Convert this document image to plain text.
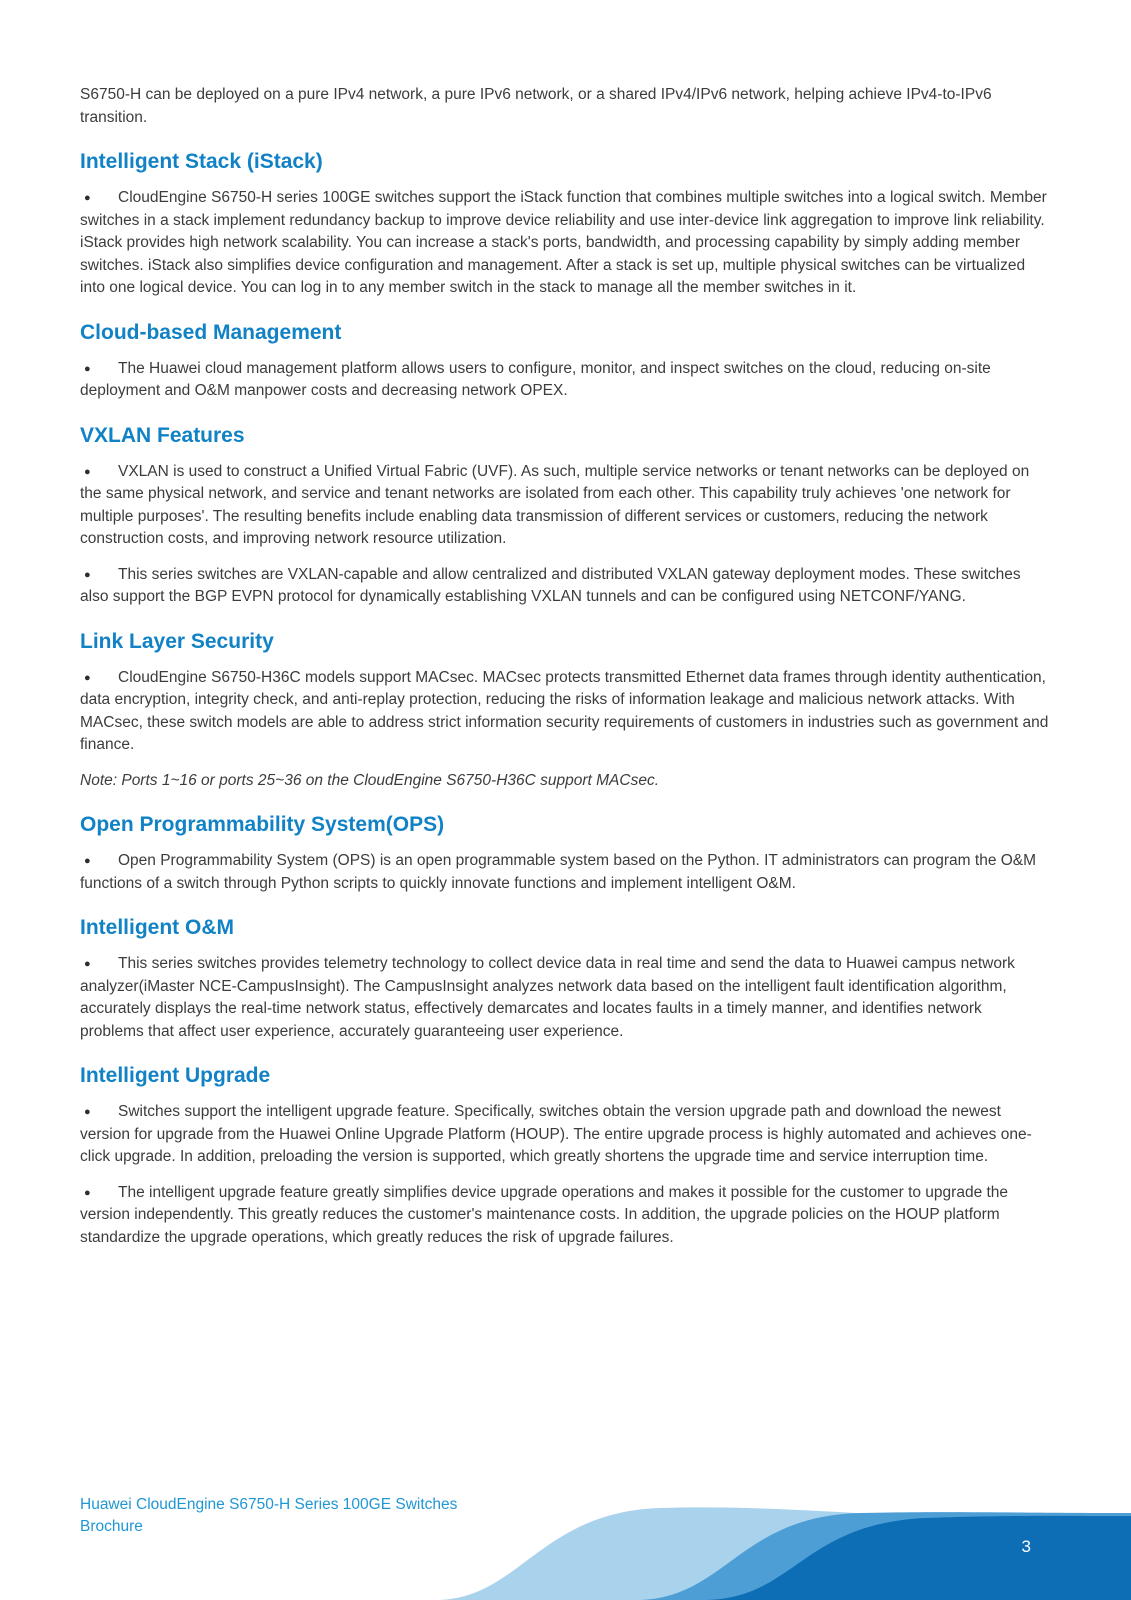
S6750-H can be deployed on a pure IPv4 network, a pure IPv6 network, or a shared IPv4/IPv6 network, helping achieve IPv4-to-IPv6 transition.

Intelligent Stack (iStack)

● CloudEngine S6750-H series 100GE switches support the iStack function that combines multiple switches into a logical switch. Member switches in a stack implement redundancy backup to improve device reliability and use inter-device link aggregation to improve link reliability. iStack provides high network scalability. You can increase a stack's ports, bandwidth, and processing capability by simply adding member switches. iStack also simplifies device configuration and management. After a stack is set up, multiple physical switches can be virtualized into one logical device. You can log in to any member switch in the stack to manage all the member switches in it.

Cloud-based Management

● The Huawei cloud management platform allows users to configure, monitor, and inspect switches on the cloud, reducing on-site deployment and O&M manpower costs and decreasing network OPEX.

VXLAN Features

● VXLAN is used to construct a Unified Virtual Fabric (UVF). As such, multiple service networks or tenant networks can be deployed on the same physical network, and service and tenant networks are isolated from each other. This capability truly achieves 'one network for multiple purposes'. The resulting benefits include enabling data transmission of different services or customers, reducing the network construction costs, and improving network resource utilization.

● This series switches are VXLAN-capable and allow centralized and distributed VXLAN gateway deployment modes. These switches also support the BGP EVPN protocol for dynamically establishing VXLAN tunnels and can be configured using NETCONF/YANG.

Link Layer Security

● CloudEngine S6750-H36C models support MACsec. MACsec protects transmitted Ethernet data frames through identity authentication, data encryption, integrity check, and anti-replay protection, reducing the risks of information leakage and malicious network attacks. With MACsec, these switch models are able to address strict information security requirements of customers in industries such as government and finance.

Note: Ports 1~16 or ports 25~36 on the CloudEngine S6750-H36C support MACsec.

Open Programmability System(OPS)

● Open Programmability System (OPS) is an open programmable system based on the Python. IT administrators can program the O&M functions of a switch through Python scripts to quickly innovate functions and implement intelligent O&M.

Intelligent O&M

● This series switches provides telemetry technology to collect device data in real time and send the data to Huawei campus network analyzer(iMaster NCE-CampusInsight). The CampusInsight analyzes network data based on the intelligent fault identification algorithm, accurately displays the real-time network status, effectively demarcates and locates faults in a timely manner, and identifies network problems that affect user experience, accurately guaranteeing user experience.

Intelligent Upgrade

● Switches support the intelligent upgrade feature. Specifically, switches obtain the version upgrade path and download the newest version for upgrade from the Huawei Online Upgrade Platform (HOUP). The entire upgrade process is highly automated and achieves one-click upgrade. In addition, preloading the version is supported, which greatly shortens the upgrade time and service interruption time.

● The intelligent upgrade feature greatly simplifies device upgrade operations and makes it possible for the customer to upgrade the version independently. This greatly reduces the customer's maintenance costs. In addition, the upgrade policies on the HOUP platform standardize the upgrade operations, which greatly reduces the risk of upgrade failures.

Huawei CloudEngine S6750-H Series 100GE Switches
Brochure
3
